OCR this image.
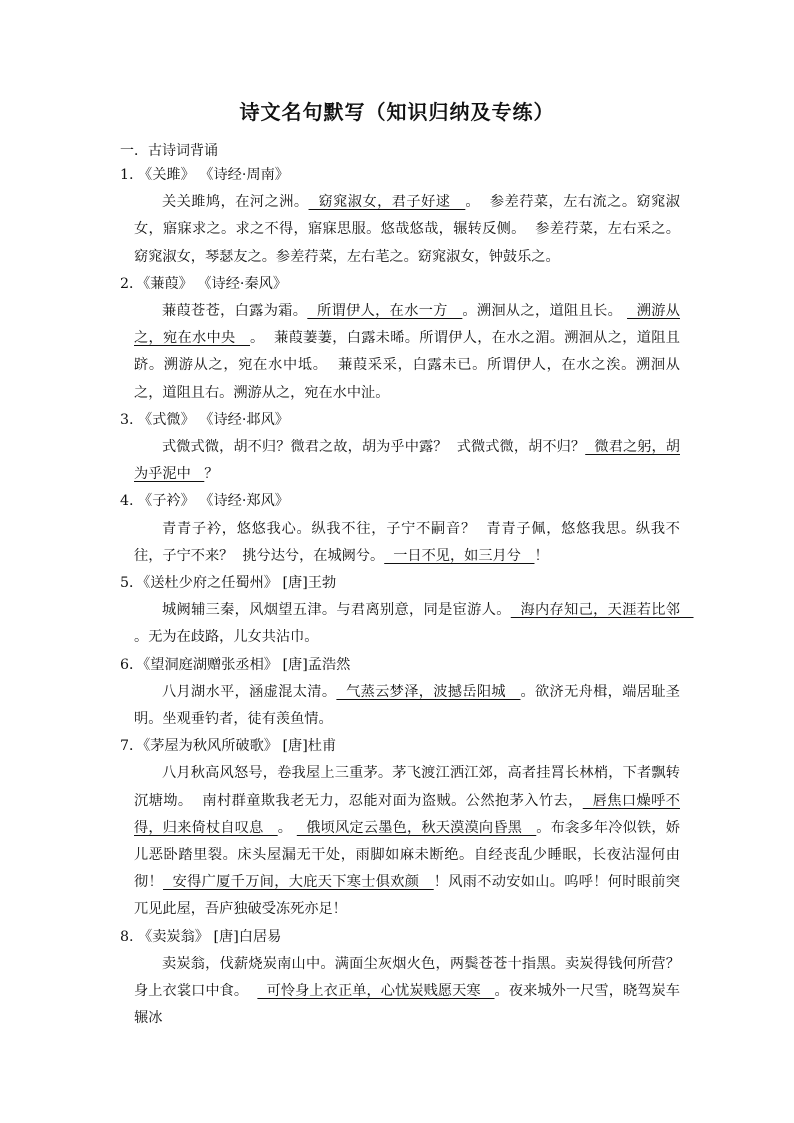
诗文名句默写（知识归纳及专练）
一．古诗词背诵

1. 《关雎》 《诗经·周南》

关关雎鸠，在河之洲。  窈窕淑女，君子好逑   。  参差荇菜，左右流之。窈窕淑女，寤寐求之。求之不得，寤寐思服。悠哉悠哉，辗转反侧。  参差荇菜，左右采之。窈窕淑女，琴瑟友之。参差荇菜，左右芼之。窈窕淑女，钟鼓乐之。

2．《蒹葭》 《诗经·秦风》

蒹葭苍苍，白露为霜。  所谓伊人，在水一方   。溯洄从之，道阻且长。   溯游从之，宛在水中央   。  蒹葭萋萋，白露未晞。所谓伊人，在水之湄。溯洄从之，道阻且跻。溯游从之，宛在水中坻。  蒹葭采采，白露未已。所谓伊人，在水之涘。溯洄从之，道阻且右。溯游从之，宛在水中沚。

3. 《式微》 《诗经·邶风》

式微式微，胡不归？微君之故，胡为乎中露？  式微式微，胡不归？  微君之躬，胡为乎泥中   ？

4. 《子衿》 《诗经·郑风》

青青子衿，悠悠我心。纵我不往，子宁不嗣音？  青青子佩，悠悠我思。纵我不往，子宁不来？  挑兮达兮，在城阙兮。  一日不见，如三月兮   ！

5．《送杜少府之任蜀州》 [唐]王勃

城阙辅三秦，风烟望五津。与君离别意，同是宦游人。  海内存知己，天涯若比邻   。无为在歧路，儿女共沾巾。

6．《望洞庭湖赠张丞相》 [唐]孟浩然

八月湖水平，涵虚混太清。  气蒸云梦泽，波撼岳阳城   。欲济无舟楫，端居耻圣明。坐观垂钓者，徒有羡鱼情。

7．《茅屋为秋风所破歌》 [唐]杜甫

八月秋高风怒号，卷我屋上三重茅。茅飞渡江洒江郊，高者挂罥长林梢，下者飘转沉塘坳。  南村群童欺我老无力，忍能对面为盗贼。公然抱茅入竹去，  唇焦口燥呼不得，归来倚杖自叹息   。   俄顷风定云墨色，秋天漠漠向昏黑   。布衾多年冷似铁，娇儿恶卧踏里裂。床头屋漏无干处，雨脚如麻未断绝。自经丧乱少睡眠，长夜沾湿何由彻！  安得广厦千万间，大庇天下寒士俱欢颜   ！风雨不动安如山。呜呼！何时眼前突兀见此屋，吾庐独破受冻死亦足！

8. 《卖炭翁》 [唐]白居易

卖炭翁，伐薪烧炭南山中。满面尘灰烟火色，两鬓苍苍十指黑。卖炭得钱何所营？身上衣裳口中食。    可怜身上衣正单，心忧炭贱愿天寒   。夜来城外一尺雪，晓驾炭车辗冰
